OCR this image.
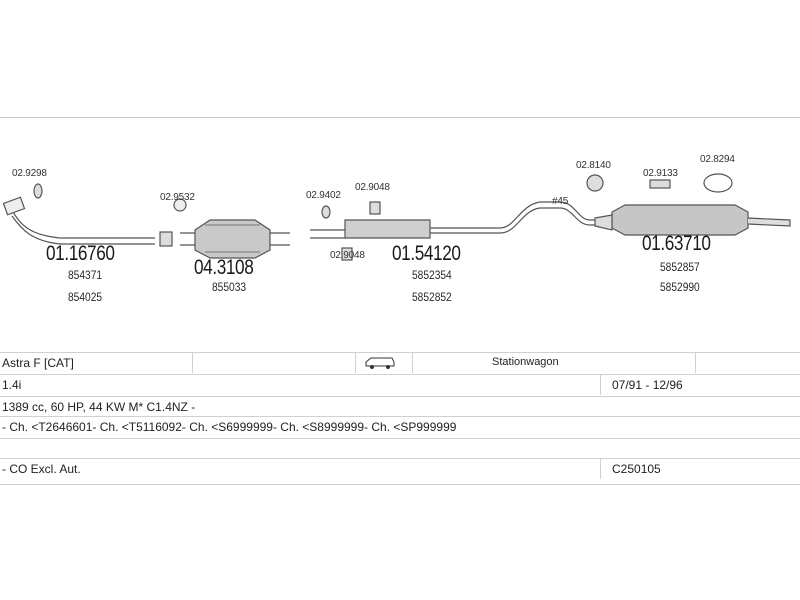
02.9298
01.16760
854371
854025
02.9532
04.3108
855033
02.9402
02.9048
02.9048 01.54120
5852354
5852852
#45
02.8140
02.9133
02.8294
01.63710
5852857
5852990
Astra F [CAT]	Stationwagon
1.4i	07/91 - 12/96
1389 cc, 60 HP, 44 KW M* C1.4NZ -
- Ch. <T2646601- Ch. <T5116092- Ch. <S6999999- Ch. <S8999999- Ch. <SP999999
- CO Excl. Aut.	C250105
